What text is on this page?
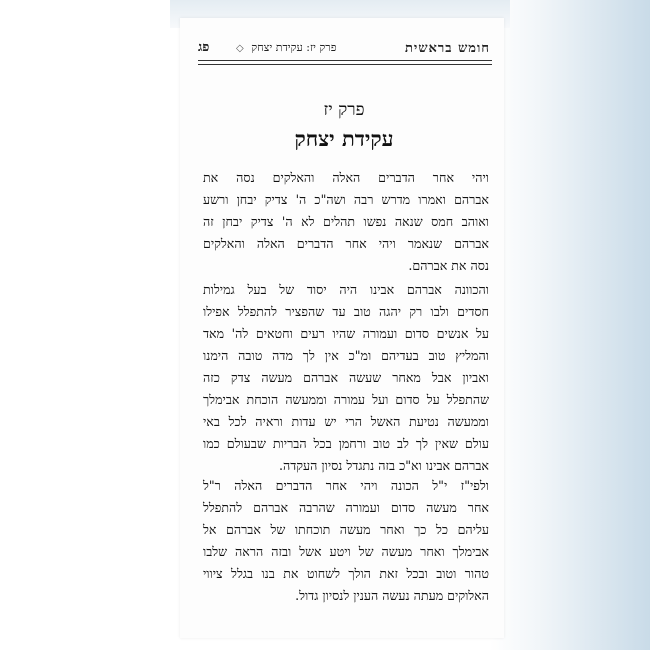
חומש בראשית
פרק יז: עקידת יצחק ◇
פג
פרק יז
עקידת יצחק
ויהי אחר הדברים האלה והאלקים נסה את
אברהם ואמרו מדרש רבה ושה"כ ה' צדיק יבחן ורשע
ואוהב חמס שנאה נפשו תהלים לא ה' צדיק יבחן זה
אברהם שנאמר ויהי אחר הדברים האלה והאלקים
נסה את אברהם.
והכוונה אברהם אבינו היה יסוד של בעל גמילות
חסדים ולבו רק יהגה טוב עד שהפציר להתפלל אפילו
על אנשים סדום ועמורה שהיו רעים וחטאים לה' מאד
והמליץ טוב בעדיהם ומ"כ אין לך מדה טובה הימנו
ואביון אבל מאחר שעשה אברהם מעשה צדק כזה
שהתפלל על סדום ועל עמורה וממעשה הוכחת אבימלך
וממעשה נטיעת האשל הרי יש עדות וראיה לכל באי
עולם שאין לך לב טוב ורחמן בכל הבריות שבעולם כמו
אברהם אבינו וא"כ בזה נתגדל נסיון העקדה.
ולפי"ז י"ל הכונה ויהי אחר הדברים האלה ר"ל
אחר מעשה סדום ועמורה שהרבה אברהם להתפלל
עליהם כל כך ואחר מעשה תוכחתו של אברהם אל
אבימלך ואחר מעשה של ויטע אשל ובזה הראה שלבו
טהור וטוב ובכל זאת הולך לשחוט את בנו בגלל ציווי
האלוקים מעתה נעשה הענין לנסיון גדול.
